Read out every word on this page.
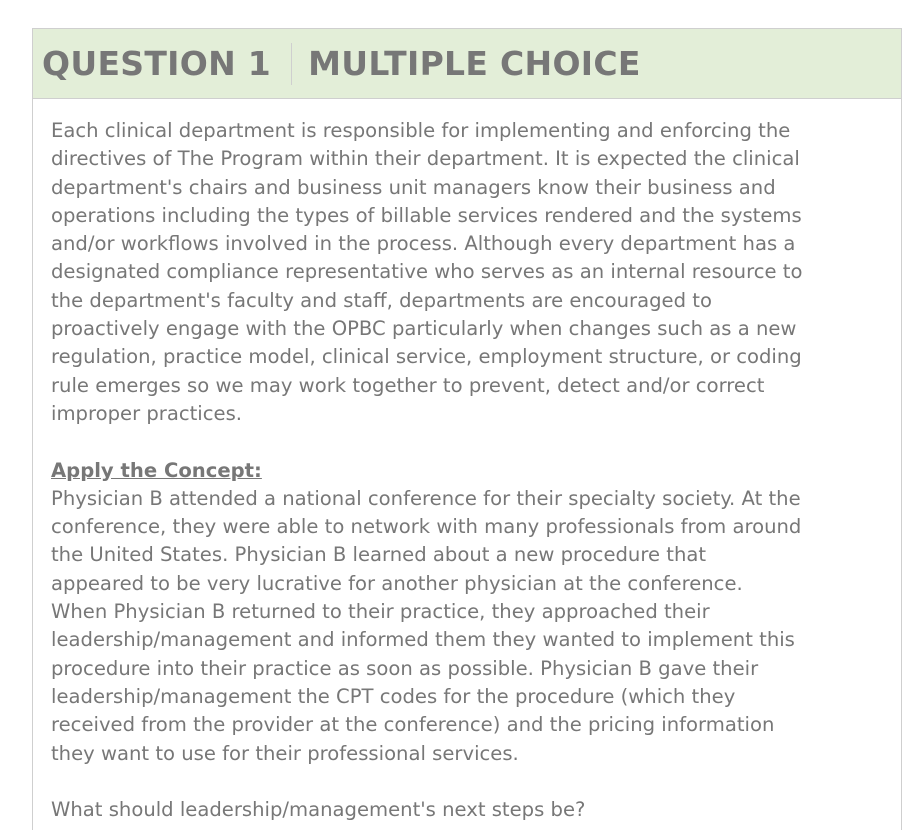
QUESTION 1 MULTIPLE CHOICE

Each clinical department is responsible for implementing and enforcing the
directives of The Program within their department. It is expected the clinical
department's chairs and business unit managers know their business and
operations including the types of billable services rendered and the systems
and/or workflows involved in the process. Although every department has a
designated compliance representative who serves as an internal resource to
the department's faculty and staff, departments are encouraged to
proactively engage with the OPBC particularly when changes such as a new
regulation, practice model, clinical service, employment structure, or coding
rule emerges so we may work together to prevent, detect and/or correct
improper practices.

Apply the Concept:

Physician B attended a national conference for their specialty society. At the
conference, they were able to network with many professionals from around
the United States. Physician B learned about a new procedure that
appeared to be very lucrative for another physician at the conference.
When Physician B returned to their practice, they approached their
leadership/management and informed them they wanted to implement this
procedure into their practice as soon as possible. Physician B gave their
leadership/management the CPT codes for the procedure (which they
received from the provider at the conference) and the pricing information
they want to use for their professional services.

What should leadership/management's next steps be?
